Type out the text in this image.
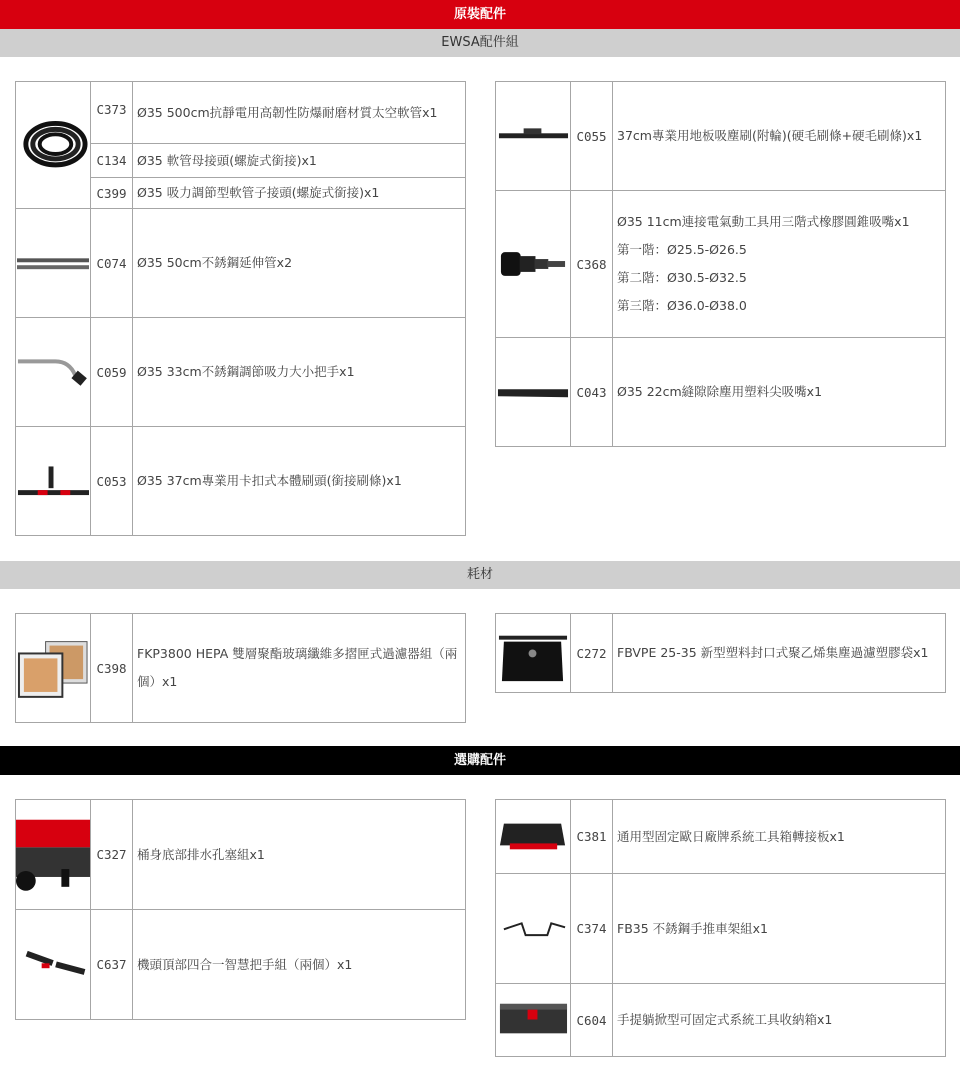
原裝配件
EWSA配件組
耗材
選購配件
	C373	Ø35 500cm抗靜電用高韌性防爆耐磨材質太空軟管x1
	C134	Ø35 軟管母接頭(螺旋式銜接)x1
	C399	Ø35 吸力調節型軟管子接頭(螺旋式銜接)x1

	C074	Ø35 50cm不銹鋼延伸管x2

	C059	Ø35 33cm不銹鋼調節吸力大小把手x1

	C053	Ø35 37cm專業用卡扣式本體刷頭(銜接刷條)x1
	C055	37cm專業用地板吸塵刷(附輪)(硬毛刷條+硬毛刷條)x1

	C368	Ø35 11cm連接電氣動工具用三階式橡膠圓錐吸嘴x1
第一階：Ø25.5-Ø26.5
第二階：Ø30.5-Ø32.5
第三階：Ø36.0-Ø38.0

	C043	Ø35 22cm縫隙除塵用塑料尖吸嘴x1
	C398	FKP3800 HEPA 雙層聚酯玻璃纖維多摺匣式過濾器組（兩個）x1
	C272	FBVPE 25-35 新型塑料封口式聚乙烯集塵過濾塑膠袋x1
	C327	桶身底部排水孔塞組x1

	C637	機頭頂部四合一智慧把手組（兩個）x1
	C381	通用型固定歐日廠牌系統工具箱轉接板x1

	C374	FB35 不銹鋼手推車架組x1

	C604	手提躺掀型可固定式系統工具收納箱x1
